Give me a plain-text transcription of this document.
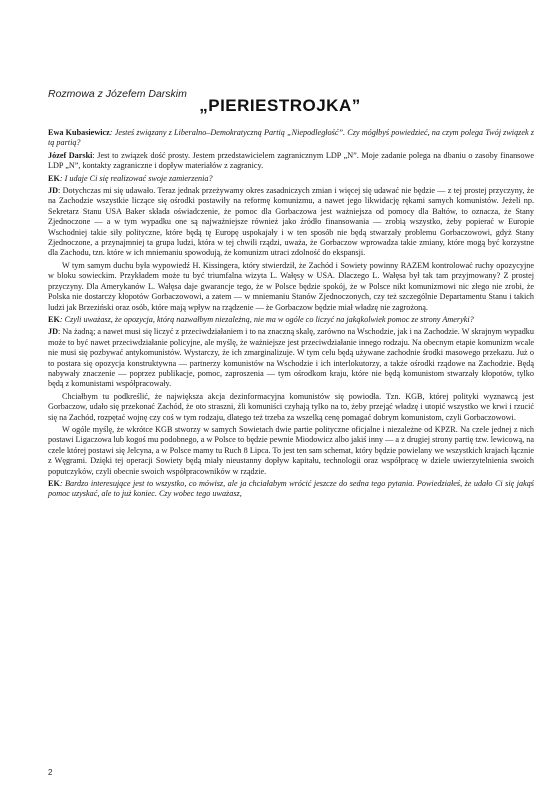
Rozmowa z Józefem Darskim
„PIERIESTROJKA”

Ewa Kubasiewicz: Jesteś związany z Liberalno–Demokratyczną Partią „Niepodległość”. Czy mógłbyś powiedzieć, na czym polega Twój związek z tą partią?

Józef Darski: Jest to związek dość prosty. Jestem przedstawicielem zagranicznym LDP „N”. Moje zadanie polega na dbaniu o zasoby finansowe LDP „N”, kontakty zagraniczne i dopływ materiałów z zagranicy.

EK: I udaje Ci się realizować swoje zamierzenia?

JD: Dotychczas mi się udawało. Teraz jednak przeżywamy okres zasadniczych zmian i więcej się udawać nie będzie — z tej prostej przyczyny, że na Zachodzie wszystkie liczące się ośrodki postawiły na reformę komunizmu, a nawet jego likwidację rękami samych komunistów. Jeżeli np. Sekretarz Stanu USA Baker składa oświadczenie, że pomoc dla Gorbaczowa jest ważniejsza od pomocy dla Bałtów, to oznacza, że Stany Zjednoczone — a w tym wypadku one są najważniejsze również jako źródło finansowania — zrobią wszystko, żeby popierać w Europie Wschodniej takie siły polityczne, które będą tę Europę uspokajały i w ten sposób nie będą stwarzały problemu Gorbaczowowi, gdyż Stany Zjednoczone, a przynajmniej ta grupa ludzi, która w tej chwili rządzi, uważa, że Gorbaczow wprowadza takie zmiany, które mogą być korzystne dla Zachodu, tzn. które w ich mniemaniu spowodują, że komunizm utraci zdolność do ekspansji.

W tym samym duchu była wypowiedź H. Kissingera, który stwierdził, że Zachód i Sowiety powinny RAZEM kontrolować ruchy opozycyjne w bloku sowieckim. Przykładem może tu być triumfalna wizyta L. Wałęsy w USA. Dlaczego L. Wałęsa był tak tam przyjmowany? Z prostej przyczyny. Dla Amerykanów L. Wałęsa daje gwarancje tego, że w Polsce będzie spokój, że w Polsce nikt komunizmowi nic złego nie zrobi, że Polska nie dostarczy kłopotów Gorbaczowowi, a zatem — w mniemaniu Stanów Zjednoczonych, czy też szczególnie Departamentu Stanu i takich ludzi jak Brzeziński oraz osób, które mają wpływ na rządzenie — że Gorbaczow będzie miał władzę nie zagrożoną.

EK: Czyli uważasz, że opozycja, którą nazwałbym niezależną, nie ma w ogóle co liczyć na jakąkolwiek pomoc ze strony Ameryki?

JD: Na żadną; a nawet musi się liczyć z przeciwdziałaniem i to na znaczną skalę, zarówno na Wschodzie, jak i na Zachodzie. W skrajnym wypadku może to być nawet przeciwdziałanie policyjne, ale myślę, że ważniejsze jest przeciwdziałanie innego rodzaju. Na obecnym etapie komunizm wcale nie musi się pozbywać antykomunistów. Wystarczy, że ich zmarginalizuje. W tym celu będą używane zachodnie środki masowego przekazu. Już o to postara się opozycja konstruktywna — partnerzy komunistów na Wschodzie i ich interlokutorzy, a także ośrodki rządowe na Zachodzie. Będą nabywały znaczenie — poprzez publikacje, pomoc, zaproszenia — tym ośrodkom kraju, które nie będą komunistom stwarzały kłopotów, tylko będą z komunistami współpracowały.

Chciałbym tu podkreślić, że największa akcja dezinformacyjna komunistów się powiodła. Tzn. KGB, której polityki wyznawcą jest Gorbaczow, udało się przekonać Zachód, że oto straszni, źli komuniści czyhają tylko na to, żeby przejąć władzę i utopić wszystko we krwi i rzucić się na Zachód, rozpętać wojnę czy coś w tym rodzaju, dlatego też trzeba za wszelką cenę pomagać dobrym komunistom, czyli Gorbaczowowi.

W ogóle myślę, że wkrótce KGB stworzy w samych Sowietach dwie partie polityczne oficjalne i niezależne od KPZR. Na czele jednej z nich postawi Ligaczowa lub kogoś mu podobnego, a w Polsce to będzie pewnie Miodowicz albo jakiś inny — a z drugiej strony partię tzw. lewicową, na czele której postawi się Jelcyna, a w Polsce mamy tu Ruch 8 Lipca. To jest ten sam schemat, który będzie powielany we wszystkich krajach łącznie z Węgrami. Dzięki tej operacji Sowiety będą miały nieustanny dopływ kapitału, technologii oraz współpracę w dziele uwierzytelnienia swoich poputczyków, czyli obecnie swoich współpracowników w rządzie.

EK: Bardzo interesujące jest to wszystko, co mówisz, ale ja chciałabym wrócić jeszcze do sedna tego pytania. Powiedziałeś, że udało Ci się jakąś pomoc uzyskać, ale to już koniec. Czy wobec tego uważasz,

2
